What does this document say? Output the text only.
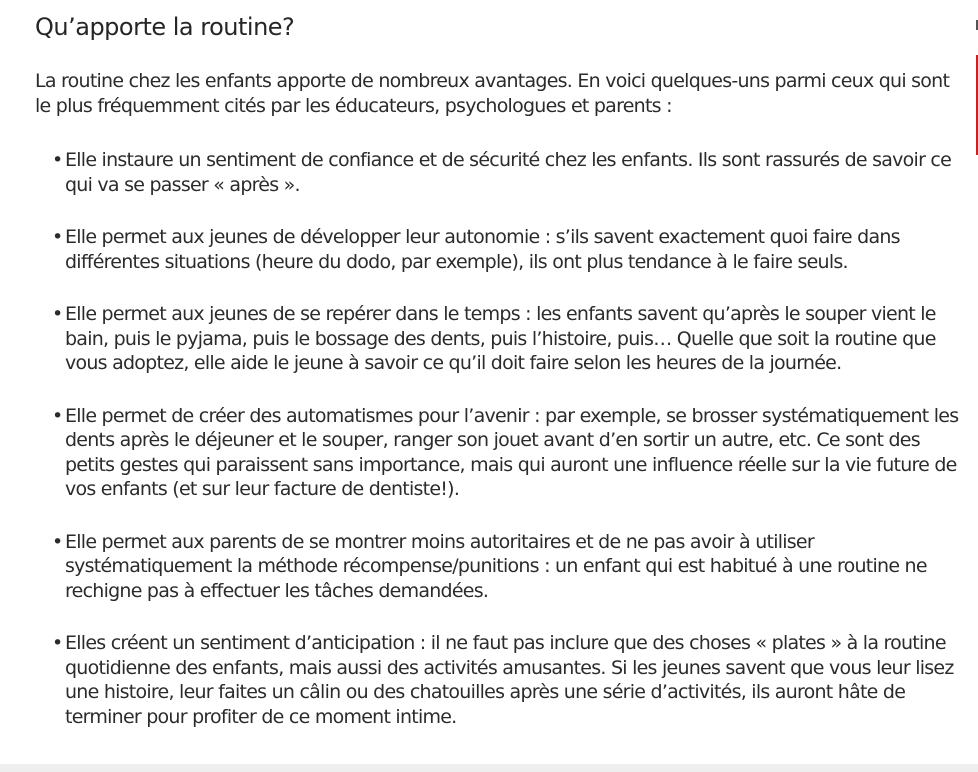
Qu’apporte la routine?

La routine chez les enfants apporte de nombreux avantages. En voici quelques-uns parmi ceux qui sont le plus fréquemment cités par les éducateurs, psychologues et parents :

• Elle instaure un sentiment de confiance et de sécurité chez les enfants. Ils sont rassurés de savoir ce qui va se passer « après ».
• Elle permet aux jeunes de développer leur autonomie : s’ils savent exactement quoi faire dans différentes situations (heure du dodo, par exemple), ils ont plus tendance à le faire seuls.
• Elle permet aux jeunes de se repérer dans le temps : les enfants savent qu’après le souper vient le bain, puis le pyjama, puis le bossage des dents, puis l’histoire, puis… Quelle que soit la routine que vous adoptez, elle aide le jeune à savoir ce qu’il doit faire selon les heures de la journée.
• Elle permet de créer des automatismes pour l’avenir : par exemple, se brosser systématiquement les dents après le déjeuner et le souper, ranger son jouet avant d’en sortir un autre, etc. Ce sont des petits gestes qui paraissent sans importance, mais qui auront une influence réelle sur la vie future de vos enfants (et sur leur facture de dentiste!).
• Elle permet aux parents de se montrer moins autoritaires et de ne pas avoir à utiliser systématiquement la méthode récompense/punitions : un enfant qui est habitué à une routine ne rechigne pas à effectuer les tâches demandées.
• Elles créent un sentiment d’anticipation : il ne faut pas inclure que des choses « plates » à la routine quotidienne des enfants, mais aussi des activités amusantes. Si les jeunes savent que vous leur lisez une histoire, leur faites un câlin ou des chatouilles après une série d’activités, ils auront hâte de terminer pour profiter de ce moment intime.
